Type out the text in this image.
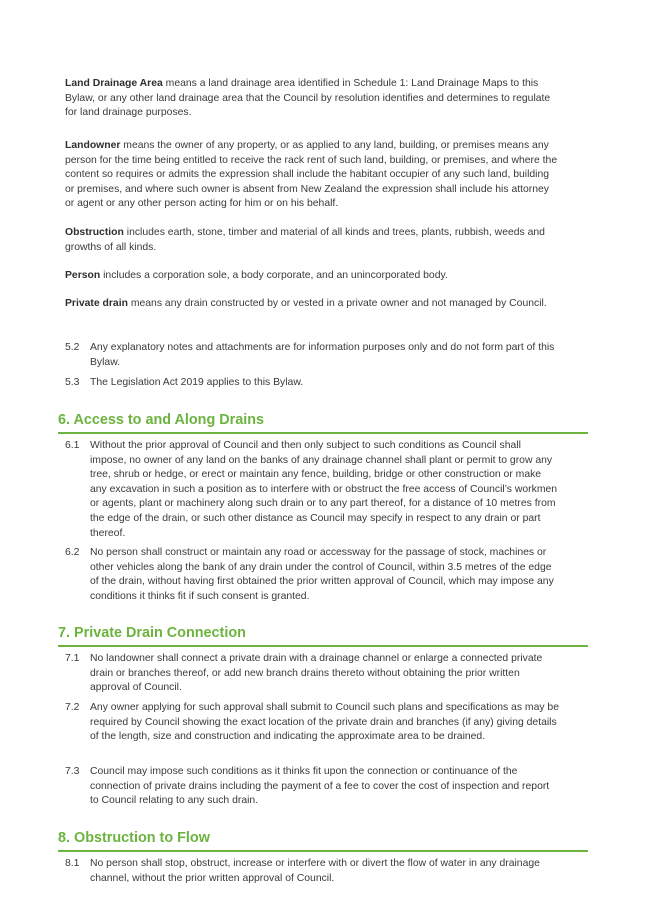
Land Drainage Area means a land drainage area identified in Schedule 1: Land Drainage Maps to this Bylaw, or any other land drainage area that the Council by resolution identifies and determines to regulate for land drainage purposes.

Landowner means the owner of any property, or as applied to any land, building, or premises means any person for the time being entitled to receive the rack rent of such land, building, or premises, and where the content so requires or admits the expression shall include the habitant occupier of any such land, building or premises, and where such owner is absent from New Zealand the expression shall include his attorney or agent or any other person acting for him or on his behalf.

Obstruction includes earth, stone, timber and material of all kinds and trees, plants, rubbish, weeds and growths of all kinds.

Person includes a corporation sole, a body corporate, and an unincorporated body.

Private drain means any drain constructed by or vested in a private owner and not managed by Council.

5.2	Any explanatory notes and attachments are for information purposes only and do not form part of this Bylaw.
5.3	The Legislation Act 2019 applies to this Bylaw.
6. Access to and Along Drains
6.1	Without the prior approval of Council and then only subject to such conditions as Council shall impose, no owner of any land on the banks of any drainage channel shall plant or permit to grow any tree, shrub or hedge, or erect or maintain any fence, building, bridge or other construction or make any excavation in such a position as to interfere with or obstruct the free access of Council’s workmen or agents, plant or machinery along such drain or to any part thereof, for a distance of 10 metres from the edge of the drain, or such other distance as Council may specify in respect to any drain or part thereof.
6.2	No person shall construct or maintain any road or accessway for the passage of stock, machines or other vehicles along the bank of any drain under the control of Council, within 3.5 metres of the edge of the drain, without having first obtained the prior written approval of Council, which may impose any conditions it thinks fit if such consent is granted.
7. Private Drain Connection
7.1	No landowner shall connect a private drain with a drainage channel or enlarge a connected private drain or branches thereof, or add new branch drains thereto without obtaining the prior written approval of Council.
7.2	Any owner applying for such approval shall submit to Council such plans and specifications as may be required by Council showing the exact location of the private drain and branches (if any) giving details of the length, size and construction and indicating the approximate area to be drained.
7.3	Council may impose such conditions as it thinks fit upon the connection or continuance of the connection of private drains including the payment of a fee to cover the cost of inspection and report to Council relating to any such drain.
8. Obstruction to Flow
8.1	No person shall stop, obstruct, increase or interfere with or divert the flow of water in any drainage channel, without the prior written approval of Council.
